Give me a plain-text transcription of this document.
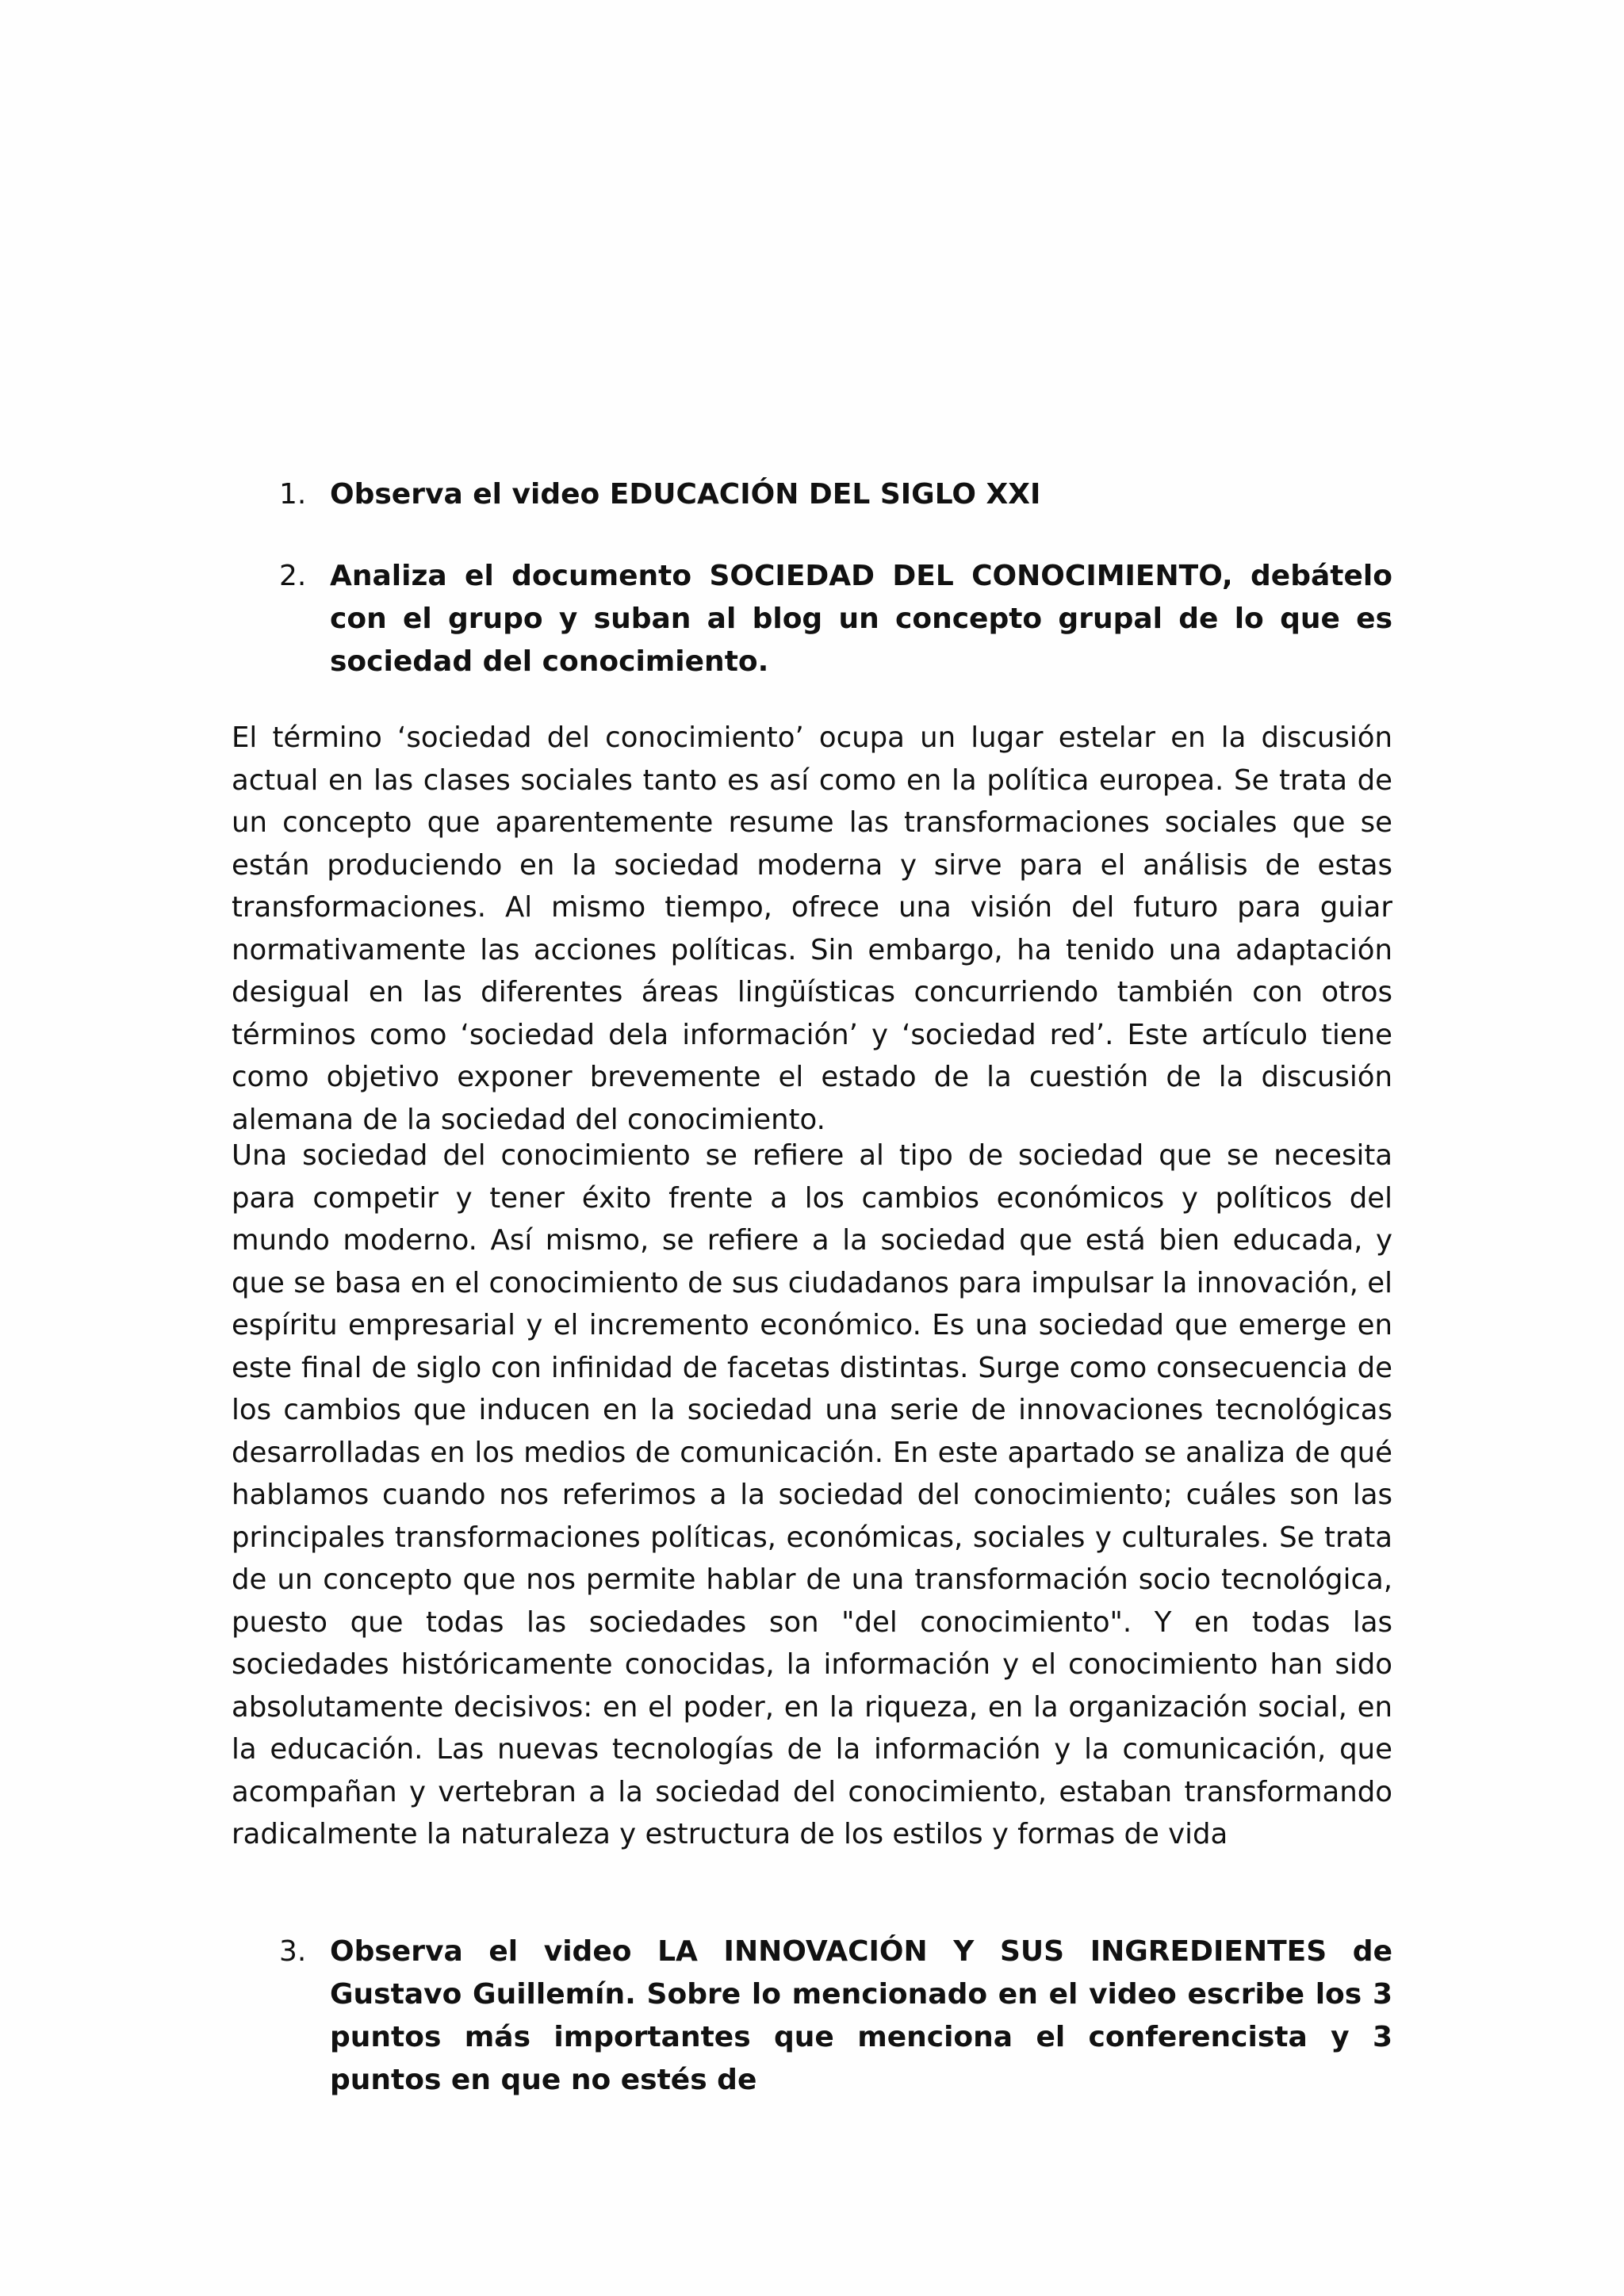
1. Observa el video EDUCACIÓN DEL SIGLO XXI
2. Analiza el documento SOCIEDAD DEL CONOCIMIENTO, debátelo con el grupo y suban al blog un concepto grupal de lo que es sociedad del conocimiento.

El término ‘sociedad del conocimiento’ ocupa un lugar estelar en la discusión actual en las clases sociales tanto es así como en la política europea. Se trata de un concepto que aparentemente resume las transformaciones sociales que se están produciendo en la sociedad moderna y sirve para el análisis de estas transformaciones. Al mismo tiempo, ofrece una visión del futuro para guiar normativamente las acciones políticas. Sin embargo, ha tenido una adaptación desigual en las diferentes áreas lingüísticas concurriendo también con otros términos como ‘sociedad dela información’ y ‘sociedad red’. Este artículo tiene como objetivo exponer brevemente el estado de la cuestión de la discusión alemana de la sociedad del conocimiento.

Una sociedad del conocimiento se refiere al tipo de sociedad que se necesita para competir y tener éxito frente a los cambios económicos y políticos del mundo moderno. Así mismo, se refiere a la sociedad que está bien educada, y que se basa en el conocimiento de sus ciudadanos para impulsar la innovación, el espíritu empresarial y el incremento económico. Es una sociedad que emerge en este final de siglo con infinidad de facetas distintas. Surge como consecuencia de los cambios que inducen en la sociedad una serie de innovaciones tecnológicas desarrolladas en los medios de comunicación. En este apartado se analiza de qué hablamos cuando nos referimos a la sociedad del conocimiento; cuáles son las principales transformaciones políticas, económicas, sociales y culturales. Se trata de un concepto que nos permite hablar de una transformación socio tecnológica, puesto que todas las sociedades son "del conocimiento". Y en todas las sociedades históricamente conocidas, la información y el conocimiento han sido absolutamente decisivos: en el poder, en la riqueza, en la organización social, en la educación. Las nuevas tecnologías de la información y la comunicación, que acompañan y vertebran a la sociedad del conocimiento, estaban transformando radicalmente la naturaleza y estructura de los estilos y formas de vida

3. Observa el video LA INNOVACIÓN Y SUS INGREDIENTES de Gustavo Guillemín. Sobre lo mencionado en el video escribe los 3 puntos más importantes que menciona el conferencista y 3 puntos en que no estés de
